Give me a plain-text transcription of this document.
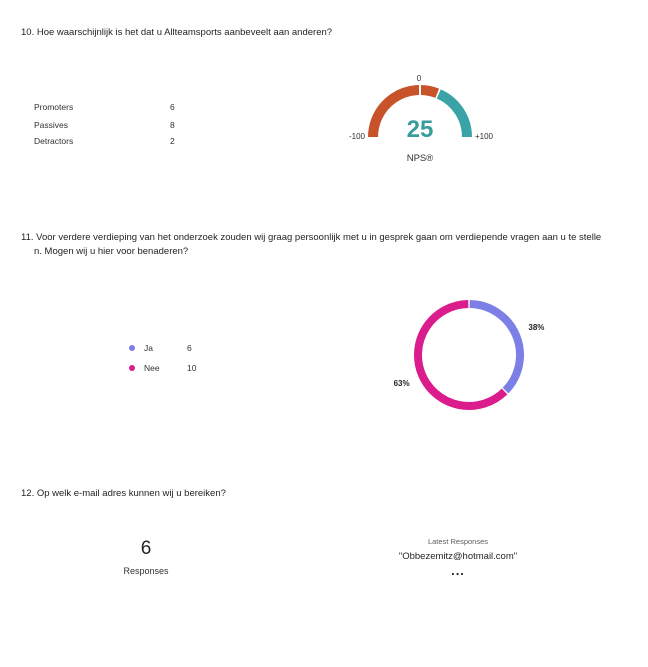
10. Hoe waarschijnlijk is het dat u Allteamsports aanbeveelt aan anderen?
Promoters	6
Passives	8
Detractors	2
0
-100	+100
25
NPS®
11. Voor verdere verdieping van het onderzoek zouden wij graag persoonlijk met u in gesprek gaan om verdiepende vragen aan u te stelle
n. Mogen wij u hier voor benaderen?
Ja	6
Nee	10
38%
63%
12. Op welk e-mail adres kunnen wij u bereiken?
6
Responses
Latest Responses
"Obbezemitz@hotmail.com"
...
